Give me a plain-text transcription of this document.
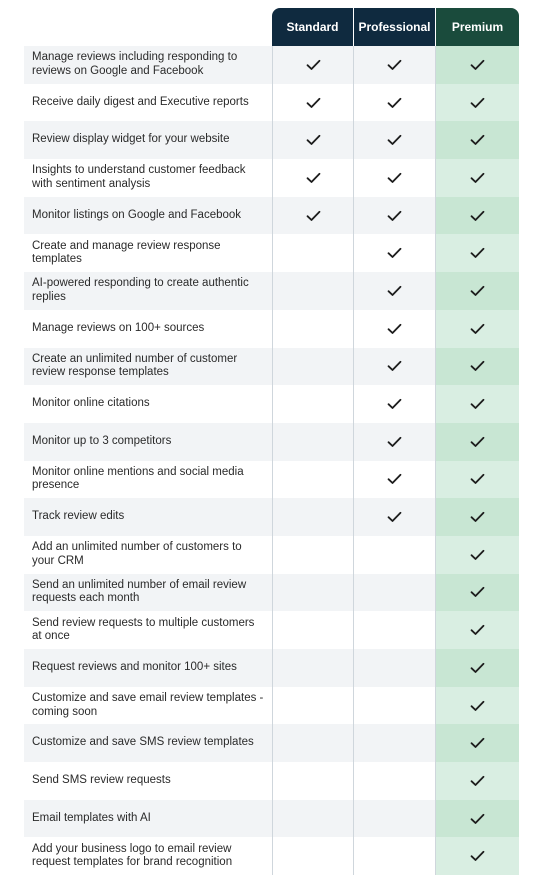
Standard	Professional	Premium
Manage reviews including responding to reviews on Google and Facebook
Receive daily digest and Executive reports
Review display widget for your website
Insights to understand customer feedback with sentiment analysis
Monitor listings on Google and Facebook
Create and manage review response templates
AI-powered responding to create authentic replies
Manage reviews on 100+ sources
Create an unlimited number of customer review response templates
Monitor online citations
Monitor up to 3 competitors
Monitor online mentions and social media presence
Track review edits
Add an unlimited number of customers to your CRM
Send an unlimited number of email review requests each month
Send review requests to multiple customers at once
Request reviews and monitor 100+ sites
Customize and save email review templates - coming soon
Customize and save SMS review templates
Send SMS review requests
Email templates with AI
Add your business logo to email review request templates for brand recognition
